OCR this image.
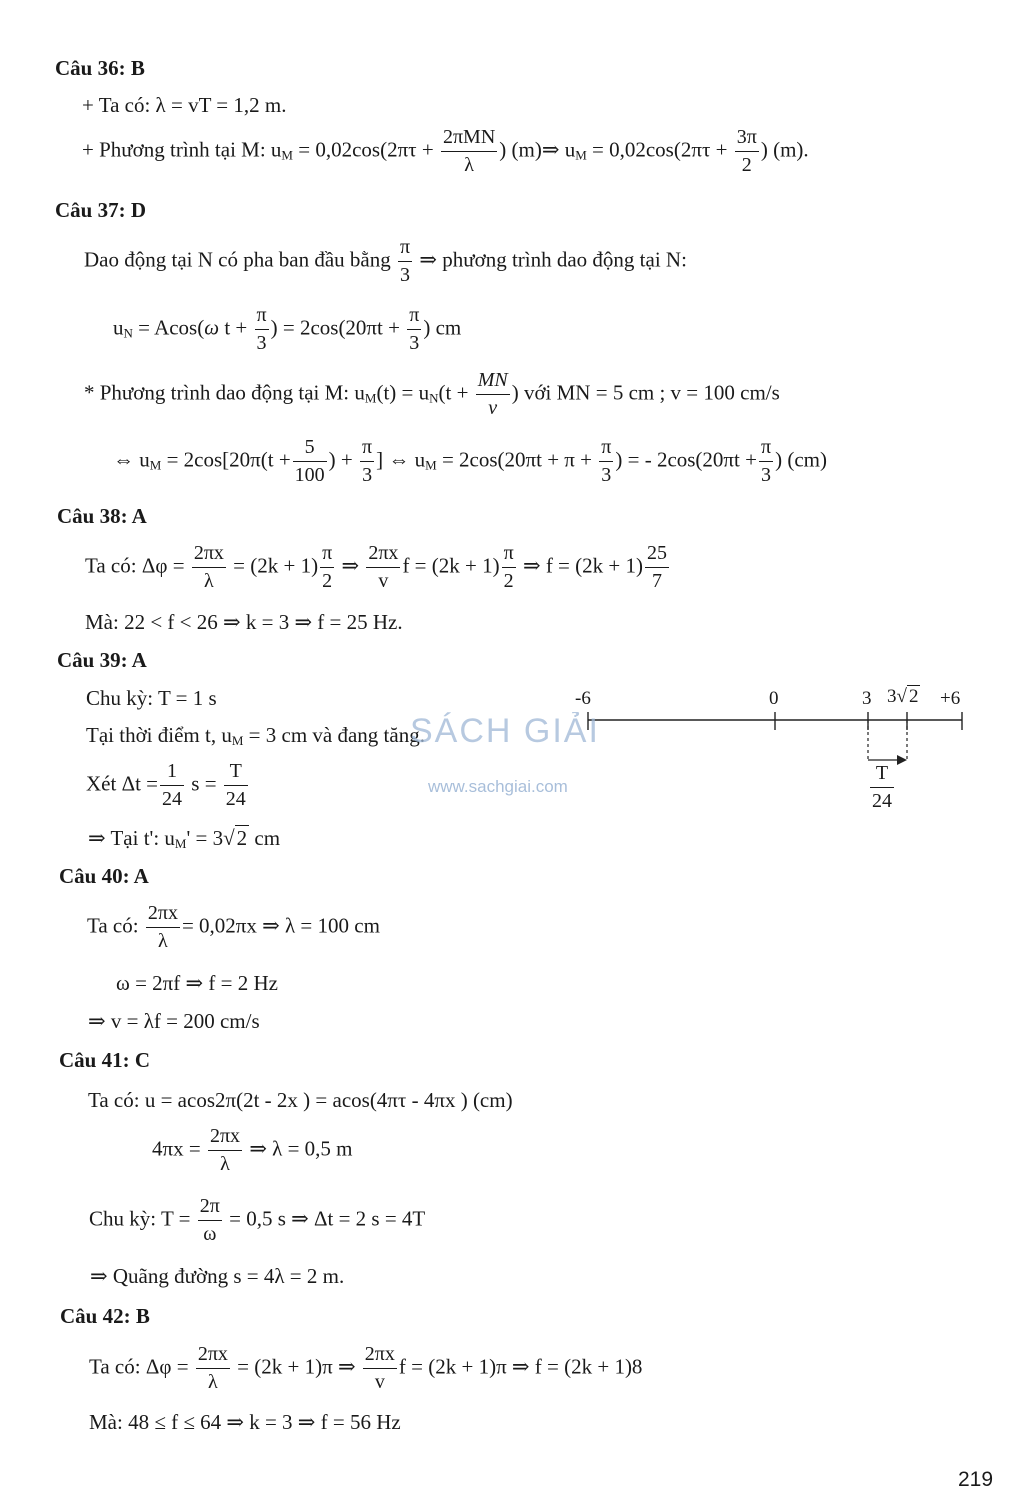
Câu 36: B
+ Ta có: λ = vT = 1,2 m.
+ Phương trình tại M: $u_M = 0,02\cos(2\pi\tau + \frac{\text{2πMN}}{\lambda}$ ) (m)⇒ $u_M = 0,02\cos(2\pi\tau + \frac{3\pi}{2}$ ) (m).
Câu 37: D
Dao động tại N có pha ban đầu bằng $\frac{\pi}{3}$ ⇒ phương trình dao động tại N:
$u_N = Acos(\omega$ $t + \frac{\pi}{3}$ ) = $2\cos(20\pi t + \frac{\pi}{3}$ ) cm
* Phương trình dao động tại M: $u_M(t) = u_N(t + \frac{MN}{v}$ ) với MN = 5 cm ; v = 100 cm/s
⇔ $u_M = 2\cos[20\pi(t + \frac{5}{100}$ ) + $\frac{\pi}{3}$ ] ⇔ $u_M = 2\cos(20\pi t + \pi + \frac{\pi}{3}$ ) = - $2\cos(20\pi t + \frac{\pi}{3}$ ) (cm)
Câu 38: A
Ta có: $\Delta\varphi = \frac{2\pi x}{\lambda} = (2k + 1) \frac{\pi}{2}$ ⇒ $\frac{2\pi x}{v}$ $f = (2k + 1) \frac{\pi}{2}$ ⇒ $f = (2k + 1) \frac{25}{7}$
Mà: 22 < f < 26 ⇒ k = 3 ⇒ f = 25 Hz.
Câu 39: A
Chu kỳ: T = 1 s
Tại thời điểm t, $u_M = 3$ cm và đang tăng.
Xét $\Delta t = \frac{1}{24}$ $s = \frac{T}{24}$
⇒ Tại t': $u_M' = 3√2$ cm
-6	0	3 3√ 2 +6
$\frac{T}{24}$
SÁCH GIẢI
www.sachgiai.com
Câu 40: A
Ta có: $\frac{2\pi x}{\lambda} = 0,02\pi x$ ⇒ λ = 100 cm
ω = 2πf ⇒ f = 2 Hz
⇒ v = λf = 200 cm/s
Câu 41: C
Ta có: u = acos2π(2t - 2x ) = acos(4πτ - 4πx ) (cm)
$4\pi x = \frac{2\pi x}{\lambda}$ ⇒ λ = 0,5 m
Chu kỳ: $T = \frac{2\pi}{\omega} = 0,5$ s ⇒ Δt = 2 s = 4T
⇒ Quãng đường s = 4λ = 2 m.
Câu 42: B
Ta có: $\Delta\varphi = \frac{2\pi x}{\lambda} = (2k + 1)\pi$ ⇒ $\frac{2\pi x}{v}$ f = (2k + 1)π ⇒ f = (2k + 1)8
Mà: 48 ≤ f ≤ 64 ⇒ k = 3 ⇒ f = 56 Hz
219
